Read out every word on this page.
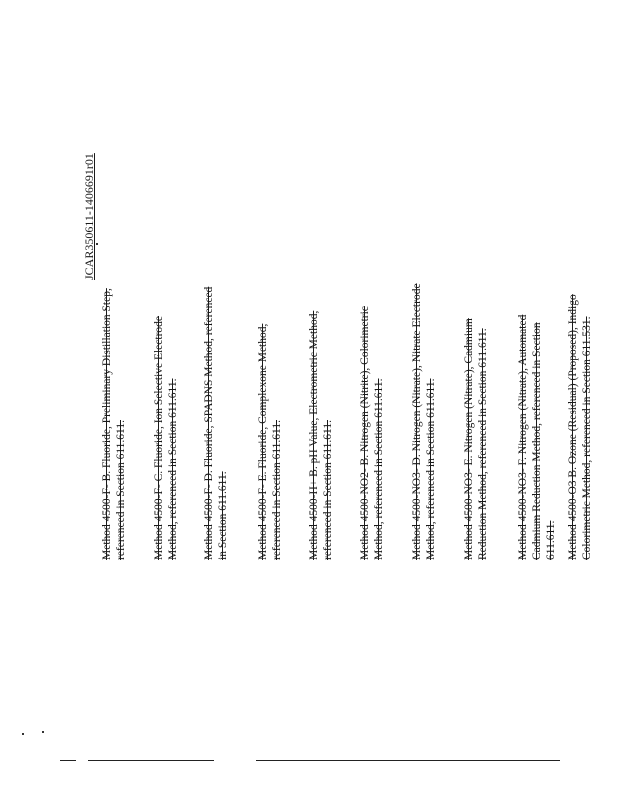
JCAR350611-1406691r01
Method 4500-F- B. Fluoride, Preliminary Distillation Step, referenced in Section 611.611. Method 4500-F- C. Fluoride, Ion Selective Electrode Method, referenced in Section 611.611. Method 4500-F- D. Fluoride, SPADNS Method, referenced in Section 611.611. Method 4500-F- E. Fluoride, Complexone Method, referenced in Section 611.611. Method 4500-H+ B. pH Value, Electrometric Method, referenced in Section 611.611. Method 4500-NO2- B. Nitrogen (Nitrite), Colorimetric Method, referenced in Section 611.611. Method 4500-NO3- D. Nitrogen (Nitrate), Nitrate Electrode Method, referenced in Section 611.611. Method 4500-NO3- E. Nitrogen (Nitrate), Cadmium Reduction Method, referenced in Section 611.611. Method 4500-NO3- F. Nitrogen (Nitrate), Automated Cadmium Reduction Method, referenced in Section 611.611. Method 4500-O3 B. Ozone (Residual) (Proposed), Indigo Colorimetric Method, referenced in Section 611.531.
